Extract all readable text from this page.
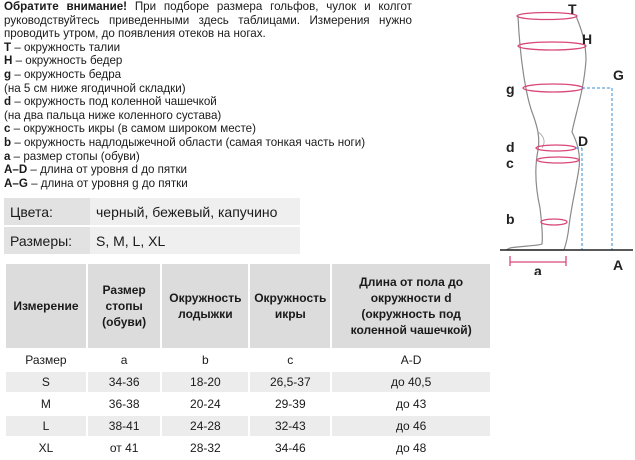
Обратите внимание! При подборе размера гольфов, чулок и колгот руководствуйтесь приведенными здесь таблицами. Измерения нужно проводить утром, до появления отеков на ногах.
T – окружность талии
H – окружность бедер
g – окружность бедра
(на 5 см ниже ягодичной складки)
d – окружность под коленной чашечкой
(на два пальца ниже коленного сустава)
c – окружность икры (в самом широком месте)
b – окружность надлодыжечной области (самая тонкая часть ноги)
a – размер стопы (обуви)
A–D – длина от уровня d до пятки
A–G – длина от уровня g до пятки
Цвета:	черный, бежевый, капучино
Размеры:	S, M, L, XL
Измерение	Размер стопы (обуви)	Окружность лодыжки	Окружность икры	Длина от пола до окружности d (окружность под коленной чашечкой)
Размер	a	b	c	A-D
S	34-36	18-20	26,5-37	до 40,5
M	36-38	20-24	29-39	до 43
L	38-41	24-28	32-43	до 46
XL	от 41	28-32	34-46	до 48
T
H
G
g
D
d
c
b
a	A
